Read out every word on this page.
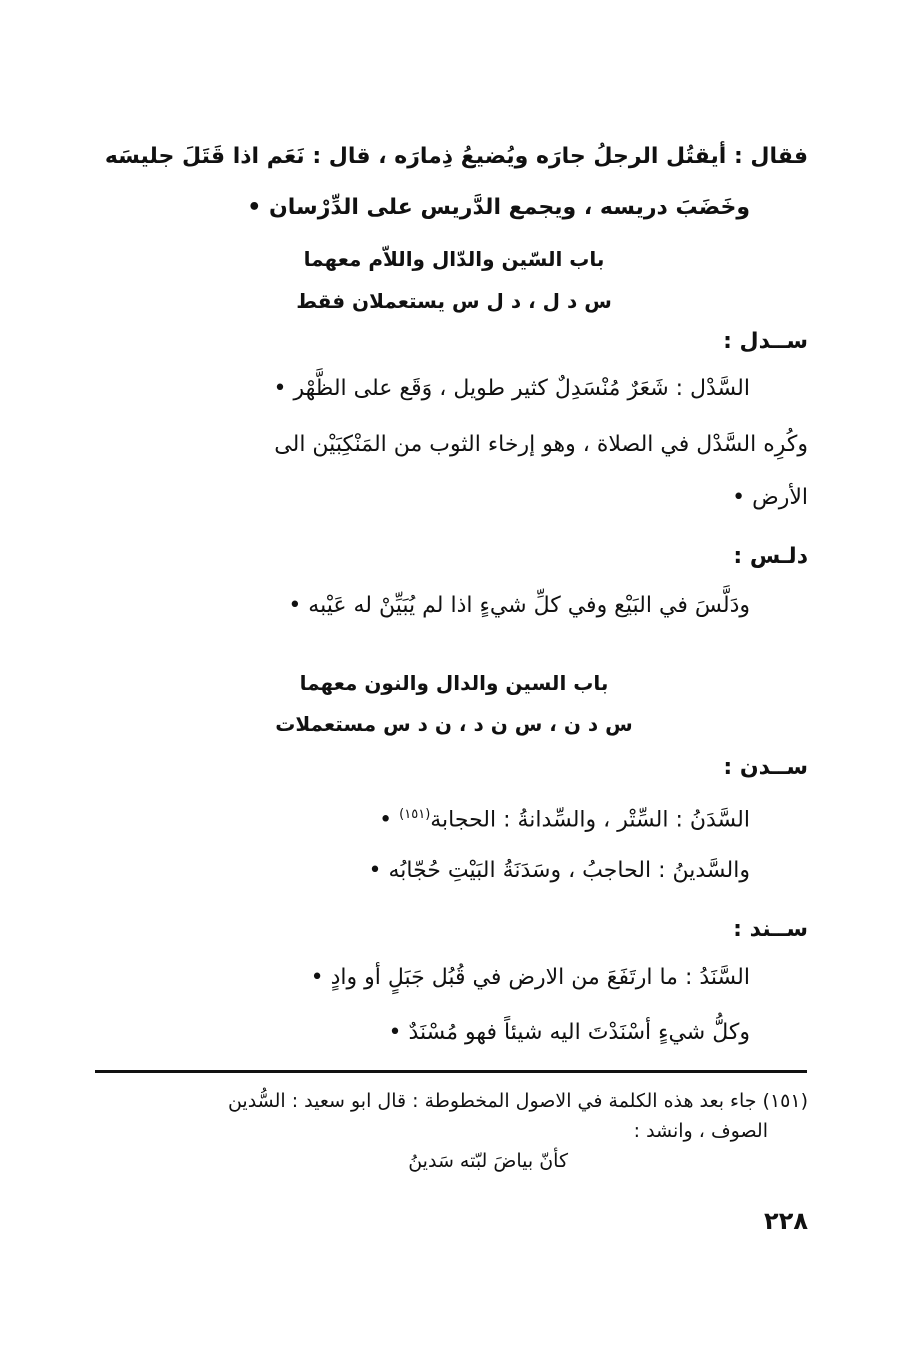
فقال : أيقتُل الرجلُ جارَه ويُضيعُ ذِمارَه ، قال : نَعَم اذا قَتَلَ جليسَه
وخَضَبَ دريسه ، ويجمع الدَّريس على الدِّرْسان •
باب السّين والدّال واللاّم معهما
س د ل ، د ل س يستعملان فقط
ســدل :
السَّدْل : شَعَرٌ مُنْسَدِلٌ كثير طويل ، وَقَع على الظَّهْر •
وكُرِه السَّدْل في الصلاة ، وهو إرخاء الثوب من المَنْكِبَيْن الى
الأرض •
دلـس :
ودَلَّسَ في البَيْع وفي كلِّ شيءٍ اذا لم يُبَيِّنْ له عَيْبه •
باب السين والدال والنون معهما
س د ن ، س ن د ، ن د س مستعملات
ســدن :
السَّدَنُ : السِّتْر ، والسِّدانةُ : الحجابة$^{(١٥١)}$ •
والسَّدينُ : الحاجبُ ، وسَدَنَةُ البَيْتِ حُجّابُه •
ســند :
السَّنَدُ : ما ارتَفَعَ من الارض في قُبُل جَبَلٍ أو وادٍ •
وكلُّ شيءٍ أسْنَدْتَ اليه شيئاً فهو مُسْنَدٌ •
(١٥١) جاء بعد هذه الكلمة في الاصول المخطوطة : قال ابو سعيد : السُّدين
الصوف ، وانشد :
كأنّ بياضَ لبّته سَدينُ
٢٢٨
